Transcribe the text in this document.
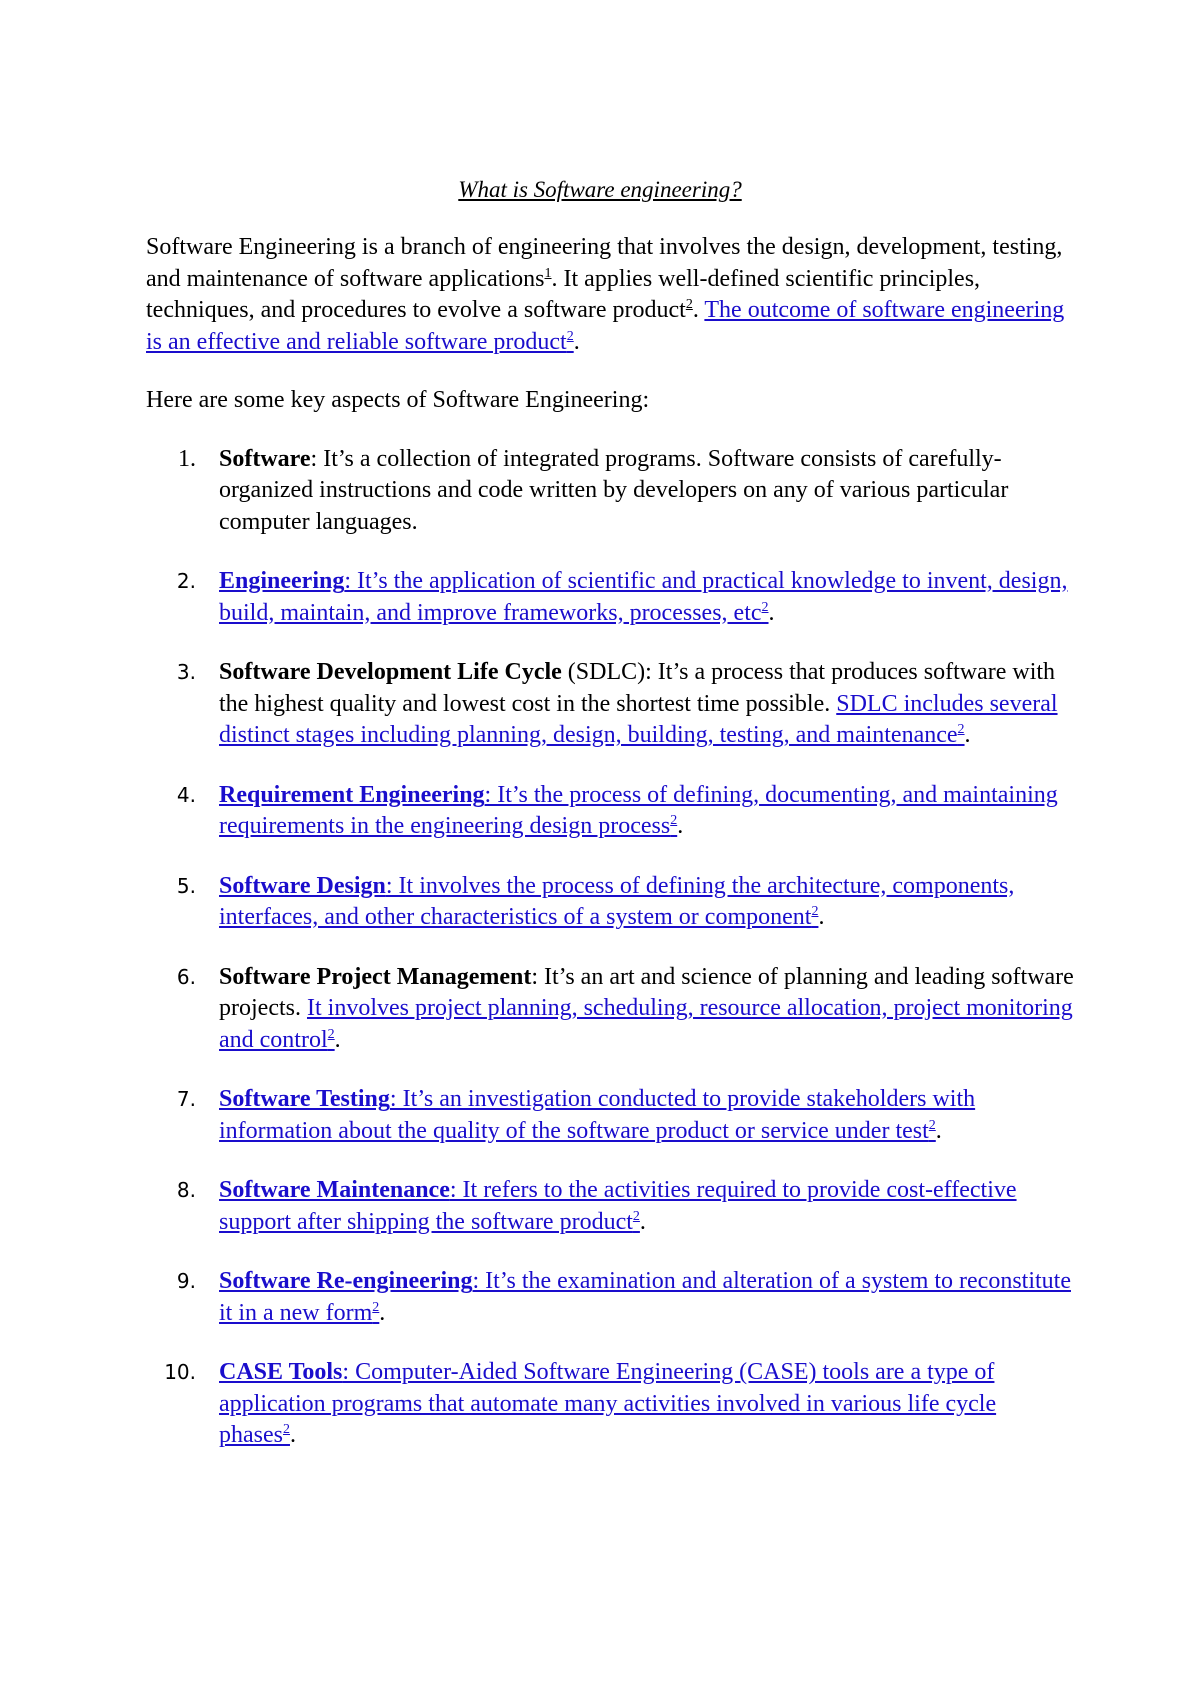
What is Software engineering?

Software Engineering is a branch of engineering that involves the design, development, testing, and maintenance of software applications$^1$. It applies well-defined scientific principles, techniques, and procedures to evolve a software product$^2$. The outcome of software engineering is an effective and reliable software product$^2$.

Here are some key aspects of Software Engineering:

1. Software: It’s a collection of integrated programs. Software consists of carefully-organized instructions and code written by developers on any of various particular computer languages.
2. Engineering: It’s the application of scientific and practical knowledge to invent, design, build, maintain, and improve frameworks, processes, etc$^2$.
3. Software Development Life Cycle (SDLC): It’s a process that produces software with the highest quality and lowest cost in the shortest time possible. SDLC includes several distinct stages including planning, design, building, testing, and maintenance$^2$.
4. Requirement Engineering: It’s the process of defining, documenting, and maintaining requirements in the engineering design process$^2$.
5. Software Design: It involves the process of defining the architecture, components, interfaces, and other characteristics of a system or component$^2$.
6. Software Project Management: It’s an art and science of planning and leading software projects. It involves project planning, scheduling, resource allocation, project monitoring and control$^2$.
7. Software Testing: It’s an investigation conducted to provide stakeholders with information about the quality of the software product or service under test$^2$.
8. Software Maintenance: It refers to the activities required to provide cost-effective support after shipping the software product$^2$.
9. Software Re-engineering: It’s the examination and alteration of a system to reconstitute it in a new form$^2$.
10. CASE Tools: Computer-Aided Software Engineering (CASE) tools are a type of application programs that automate many activities involved in various life cycle phases$^2$.
